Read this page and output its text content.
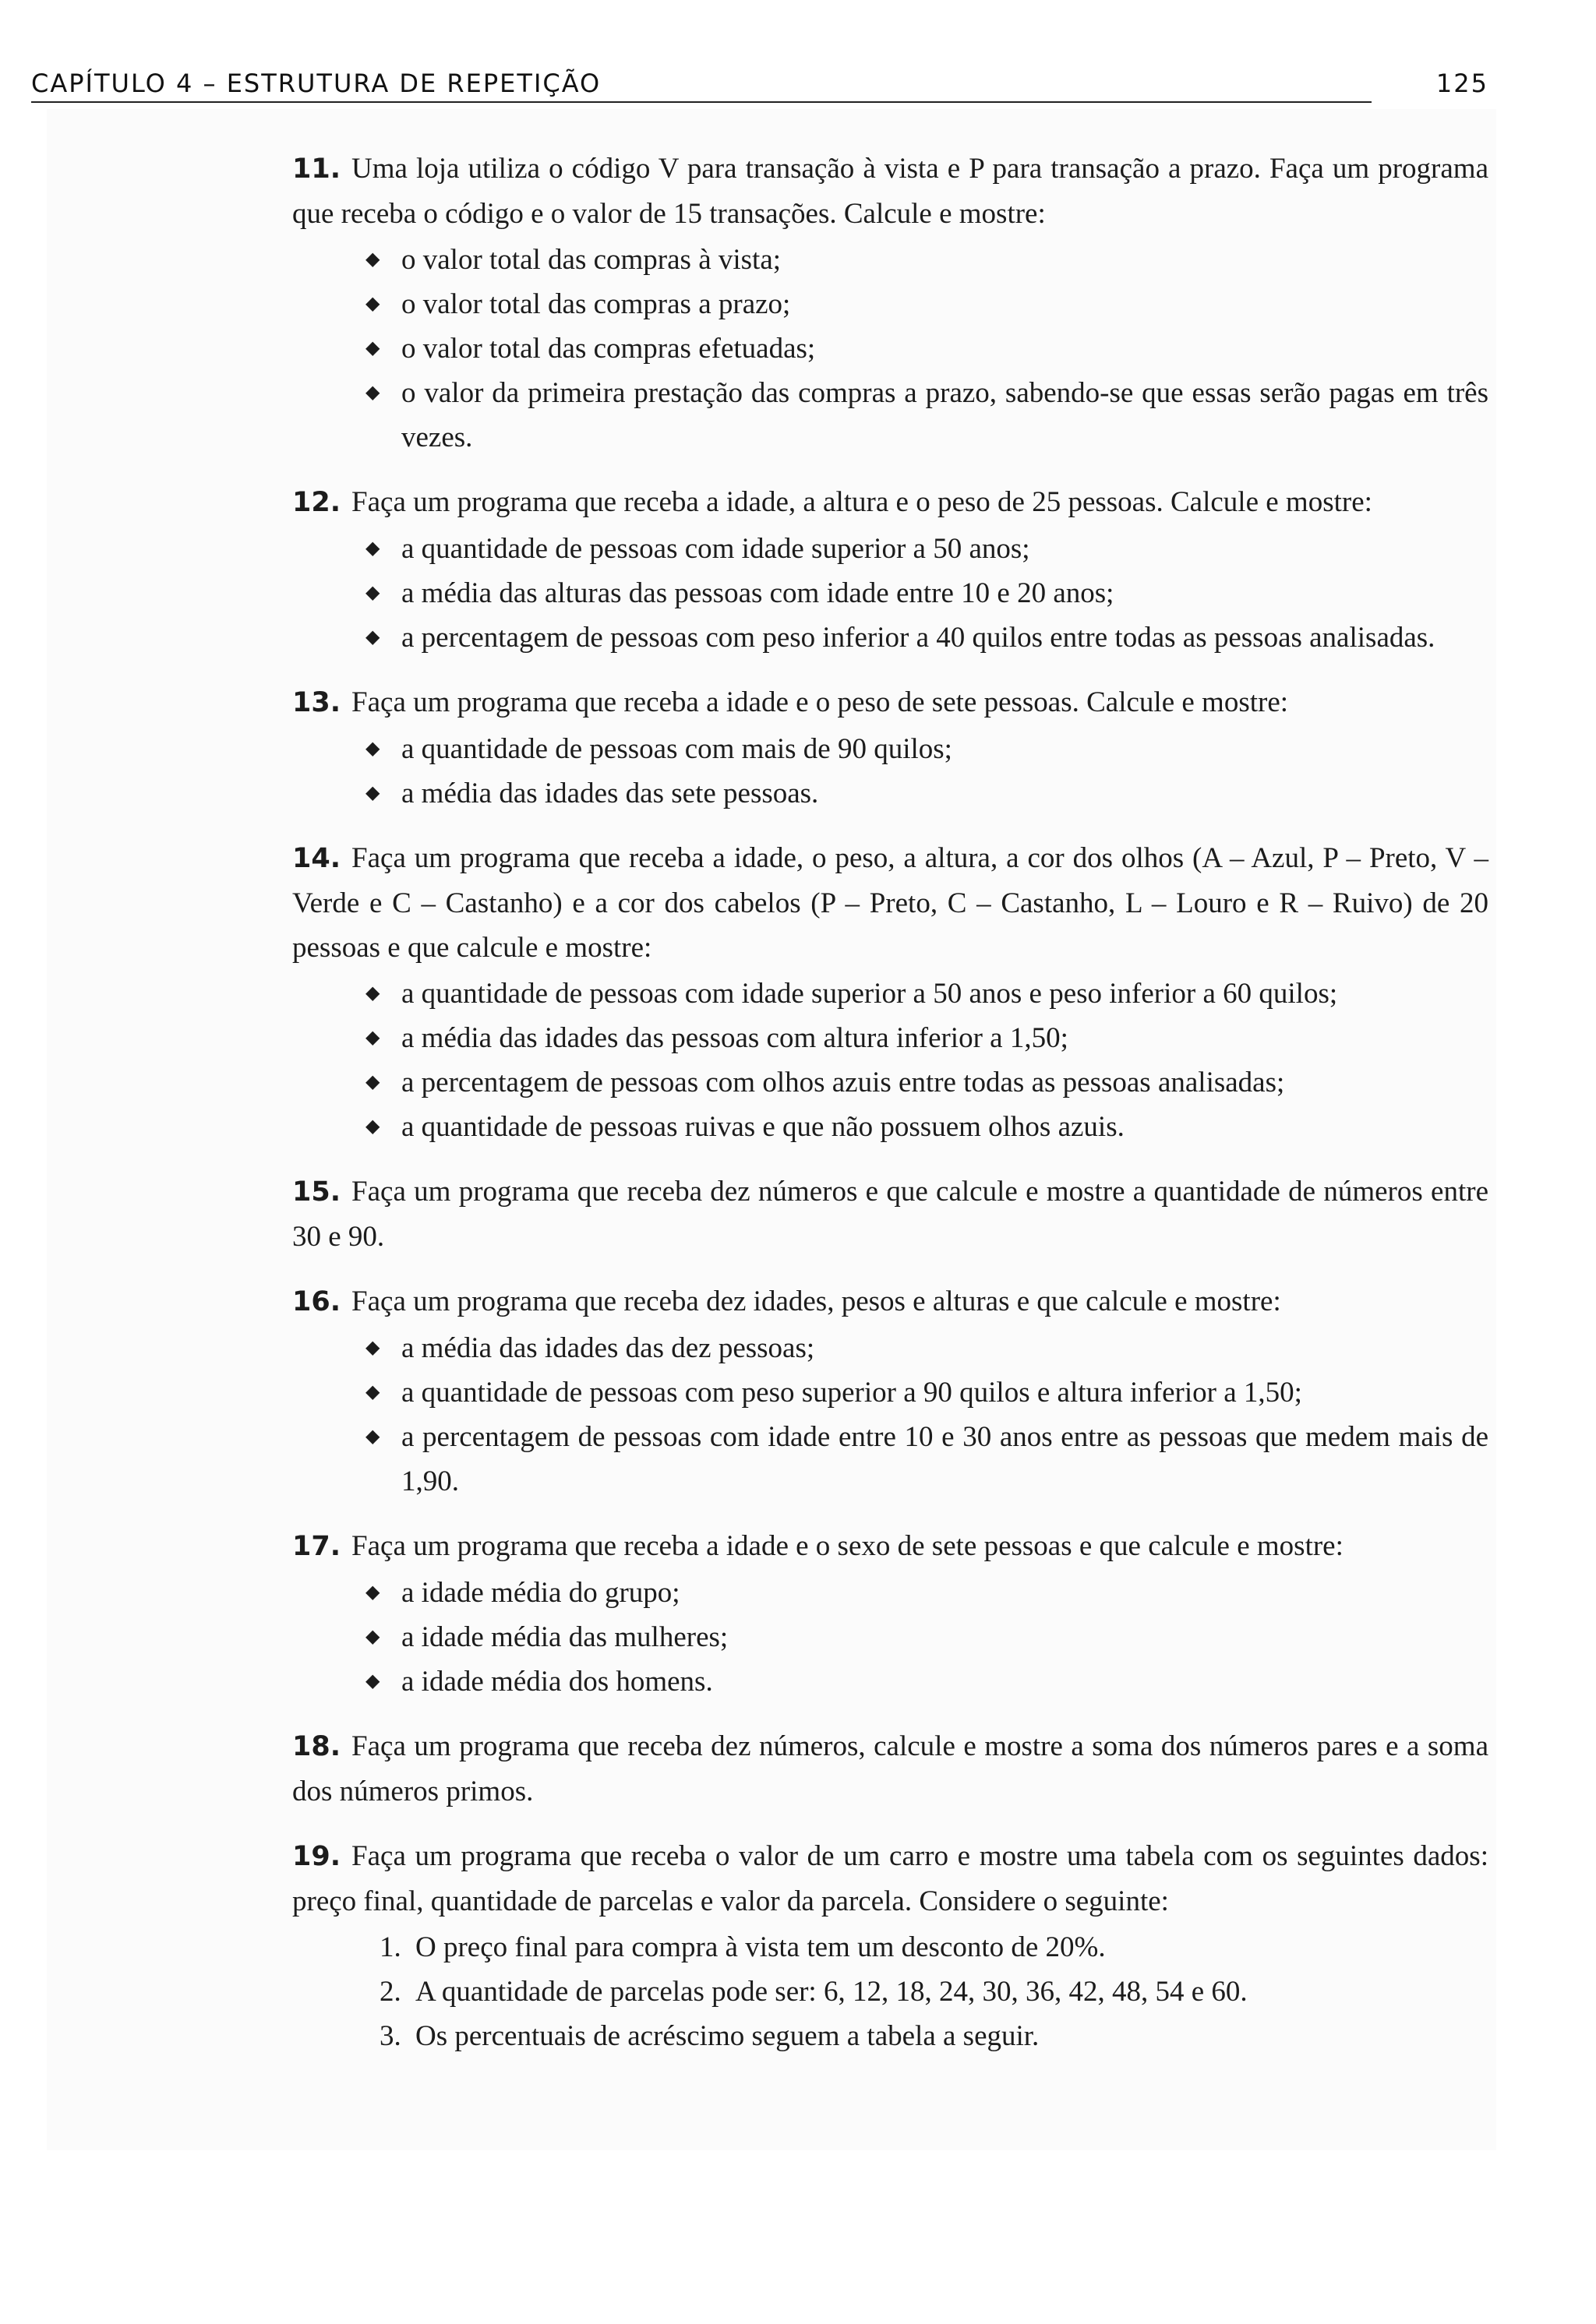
CAPÍTULO 4 – ESTRUTURA DE REPETIÇÃO	125

11. Uma loja utiliza o código V para transação à vista e P para transação a prazo. Faça um programa que receba o código e o valor de 15 transações. Calcule e mostre:

◆ o valor total das compras à vista;
◆ o valor total das compras a prazo;
◆ o valor total das compras efetuadas;
◆ o valor da primeira prestação das compras a prazo, sabendo-se que essas serão pagas em três vezes.

12. Faça um programa que receba a idade, a altura e o peso de 25 pessoas. Calcule e mostre:

◆ a quantidade de pessoas com idade superior a 50 anos;
◆ a média das alturas das pessoas com idade entre 10 e 20 anos;
◆ a percentagem de pessoas com peso inferior a 40 quilos entre todas as pessoas analisadas.

13. Faça um programa que receba a idade e o peso de sete pessoas. Calcule e mostre:

◆ a quantidade de pessoas com mais de 90 quilos;
◆ a média das idades das sete pessoas.

14. Faça um programa que receba a idade, o peso, a altura, a cor dos olhos (A – Azul, P – Preto, V – Verde e C – Castanho) e a cor dos cabelos (P – Preto, C – Castanho, L – Louro e R – Ruivo) de 20 pessoas e que calcule e mostre:

◆ a quantidade de pessoas com idade superior a 50 anos e peso inferior a 60 quilos;
◆ a média das idades das pessoas com altura inferior a 1,50;
◆ a percentagem de pessoas com olhos azuis entre todas as pessoas analisadas;
◆ a quantidade de pessoas ruivas e que não possuem olhos azuis.

15. Faça um programa que receba dez números e que calcule e mostre a quantidade de números entre 30 e 90.

16. Faça um programa que receba dez idades, pesos e alturas e que calcule e mostre:

◆ a média das idades das dez pessoas;
◆ a quantidade de pessoas com peso superior a 90 quilos e altura inferior a 1,50;
◆ a percentagem de pessoas com idade entre 10 e 30 anos entre as pessoas que medem mais de 1,90.

17. Faça um programa que receba a idade e o sexo de sete pessoas e que calcule e mostre:

◆ a idade média do grupo;
◆ a idade média das mulheres;
◆ a idade média dos homens.

18. Faça um programa que receba dez números, calcule e mostre a soma dos números pares e a soma dos números primos.

19. Faça um programa que receba o valor de um carro e mostre uma tabela com os seguintes dados: preço final, quantidade de parcelas e valor da parcela. Considere o seguinte:

1. O preço final para compra à vista tem um desconto de 20%.
2. A quantidade de parcelas pode ser: 6, 12, 18, 24, 30, 36, 42, 48, 54 e 60.
3. Os percentuais de acréscimo seguem a tabela a seguir.
